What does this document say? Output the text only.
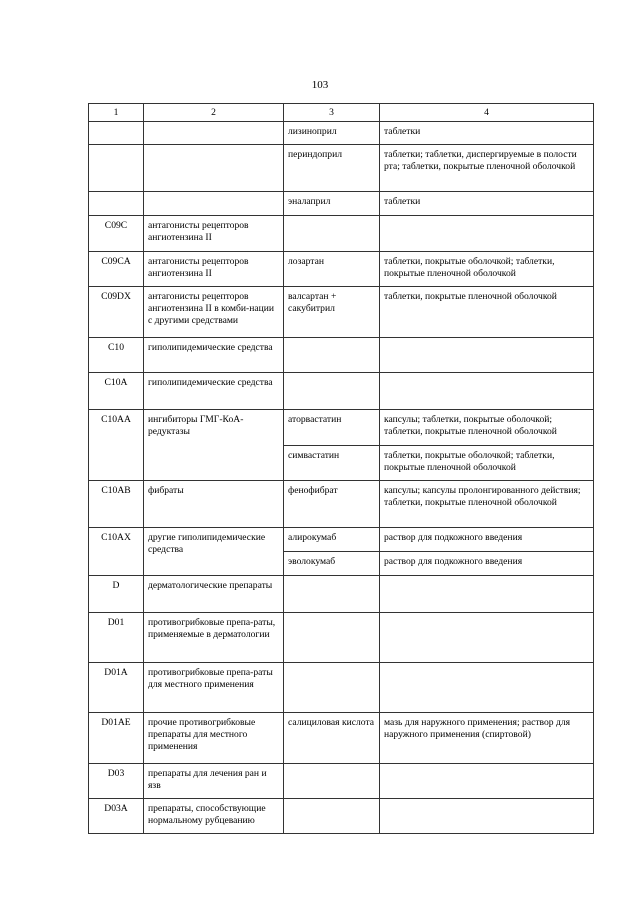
103
1	2	3	4
		лизиноприл	таблетки
		периндоприл	таблетки; таблетки, диспергируемые в полости рта; таблетки, покрытые пленочной оболочкой
		эналаприл	таблетки
C09C	антагонисты рецепторов ангиотензина II		
C09CA	антагонисты рецепторов ангиотензина II	лозартан	таблетки, покрытые оболочкой; таблетки, покрытые пленочной оболочкой
C09DX	антагонисты рецепторов ангиотензина II в комби-нации с другими средствами	валсартан + сакубитрил	таблетки, покрытые пленочной оболочкой
C10	гиполипидемические средства		
C10A	гиполипидемические средства		
C10AA	ингибиторы ГМГ-КоА-редуктазы	аторвастатин	капсулы; таблетки, покрытые оболочкой; таблетки, покрытые пленочной оболочкой
		симвастатин	таблетки, покрытые оболочкой; таблетки, покрытые пленочной оболочкой
C10AB	фибраты	фенофибрат	капсулы; капсулы пролонгированного действия; таблетки, покрытые пленочной оболочкой
C10AX	другие гиполипидемические средства	алирокумаб	раствор для подкожного введения
		эволокумаб	раствор для подкожного введения
D	дерматологические препараты		
D01	противогрибковые препа-раты, применяемые в дерматологии		
D01A	противогрибковые препа-раты для местного применения		
D01AE	прочие противогрибковые препараты для местного применения	салициловая кислота	мазь для наружного применения; раствор для наружного применения (спиртовой)
D03	препараты для лечения ран и язв		
D03A	препараты, способствующие нормальному рубцеванию		
